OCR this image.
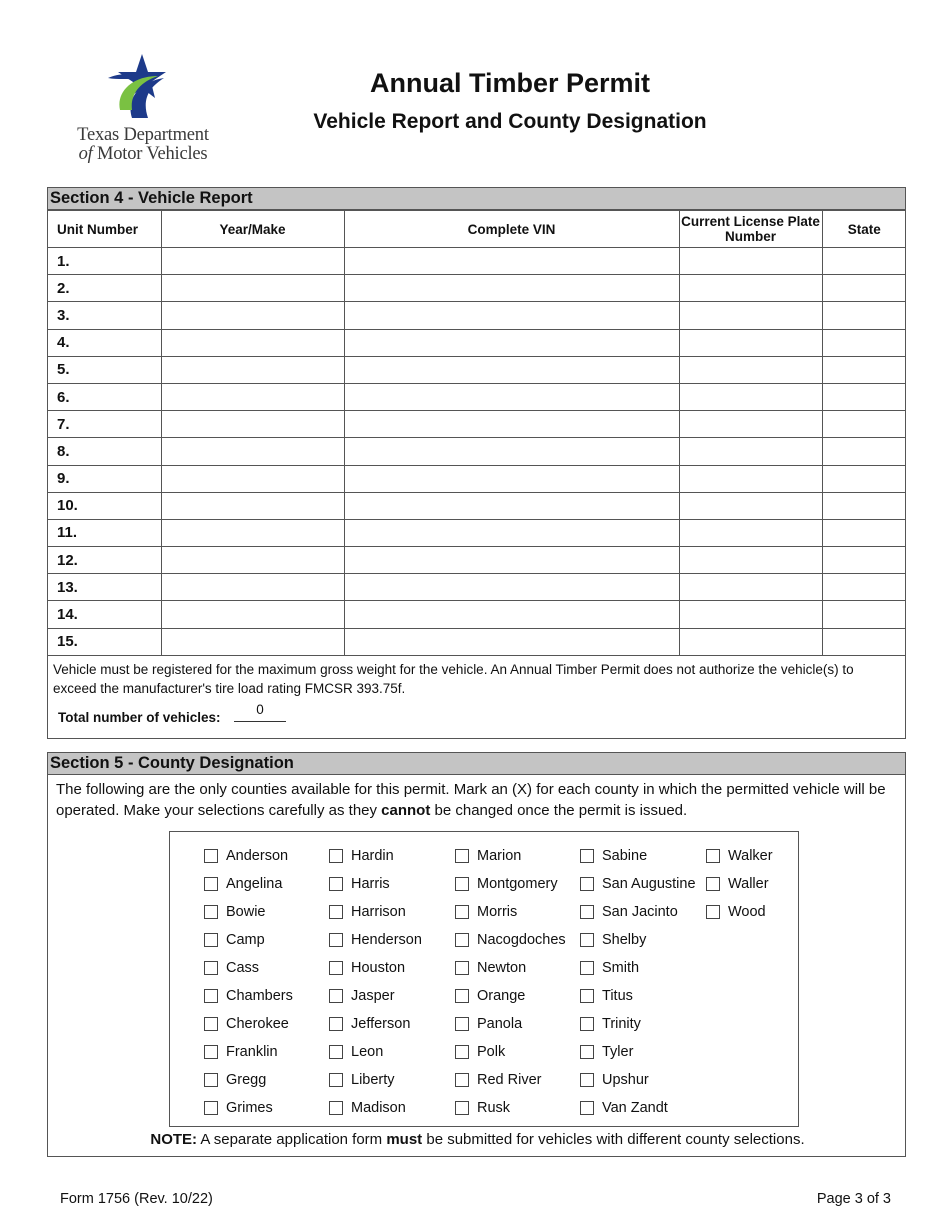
Texas Department
of Motor Vehicles
Annual Timber Permit
Vehicle Report and County Designation
Section 4 - Vehicle Report
Unit Number	Year/Make	Complete VIN	Current License Plate Number	State
1.				
2.				
3.				
4.				
5.				
6.				
7.				
8.				
9.				
10.				
11.				
12.				
13.				
14.				
15.				
Vehicle must be registered for the maximum gross weight for the vehicle. An Annual Timber Permit does not authorize the vehicle(s) to exceed the manufacturer's tire load rating FMCSR 393.75f.
Total number of vehicles:
0
Section 5 - County Designation
The following are the only counties available for this permit. Mark an (X) for each county in which the permitted vehicle will be operated. Make your selections carefully as they cannot be changed once the permit is issued.
Anderson
Angelina
Bowie
Camp
Cass
Chambers
Cherokee
Franklin
Gregg
Grimes
Hardin
Harris
Harrison
Henderson
Houston
Jasper
Jefferson
Leon
Liberty
Madison
Marion
Montgomery
Morris
Nacogdoches
Newton
Orange
Panola
Polk
Red River
Rusk
Sabine
San Augustine
San Jacinto
Shelby
Smith
Titus
Trinity
Tyler
Upshur
Van Zandt
Walker
Waller
Wood
NOTE: A separate application form must be submitted for vehicles with different county selections.
Form 1756 (Rev. 10/22)	Page 3 of 3
